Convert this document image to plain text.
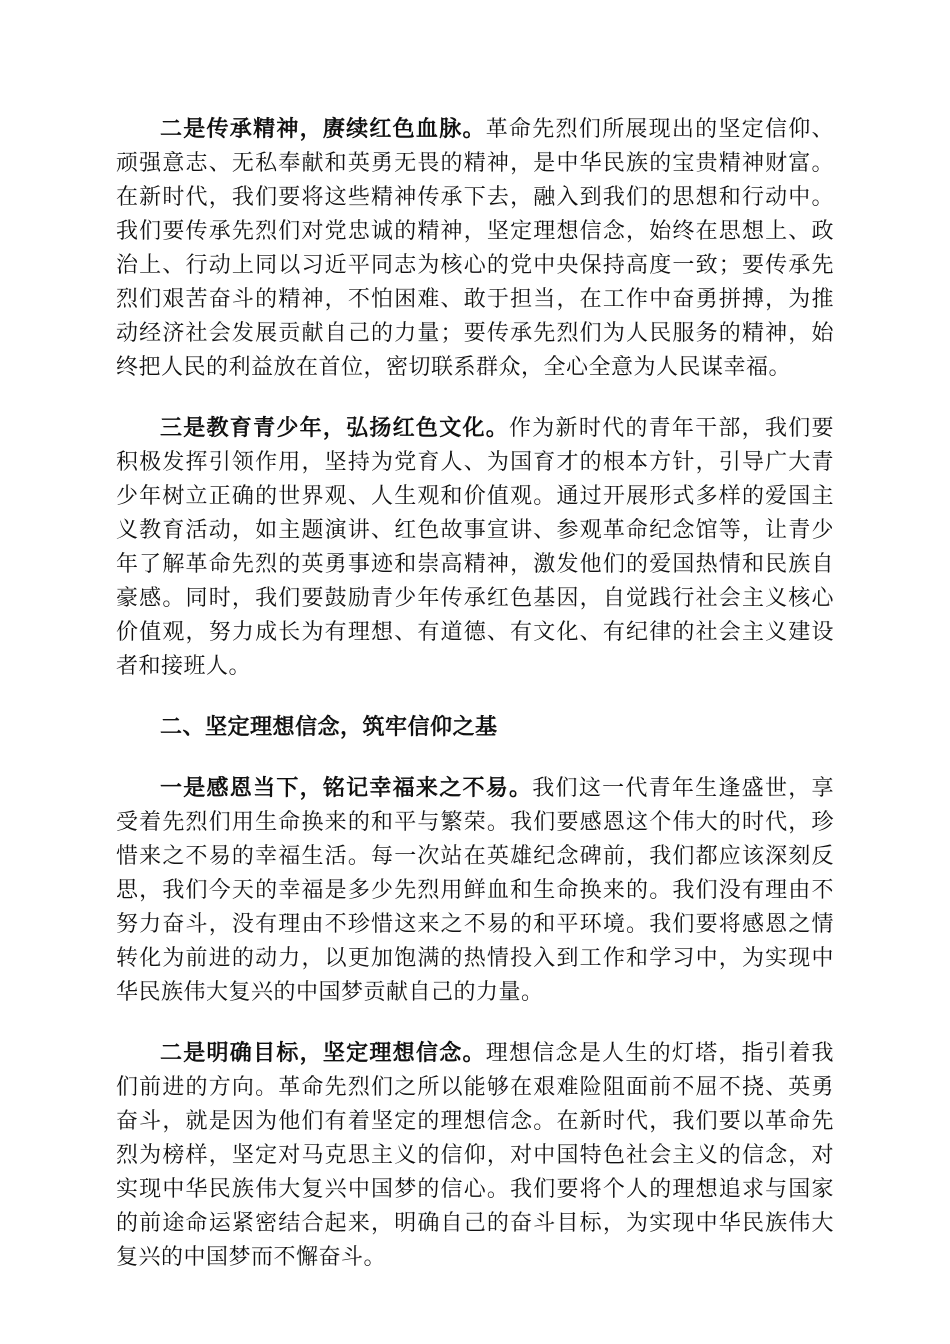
二是传承精神，赓续红色血脉。革命先烈们所展现出的坚定信仰、顽强意志、无私奉献和英勇无畏的精神，是中华民族的宝贵精神财富。在新时代，我们要将这些精神传承下去，融入到我们的思想和行动中。我们要传承先烈们对党忠诚的精神，坚定理想信念，始终在思想上、政治上、行动上同以习近平同志为核心的党中央保持高度一致；要传承先烈们艰苦奋斗的精神，不怕困难、敢于担当，在工作中奋勇拼搏，为推动经济社会发展贡献自己的力量；要传承先烈们为人民服务的精神，始终把人民的利益放在首位，密切联系群众，全心全意为人民谋幸福。

三是教育青少年，弘扬红色文化。作为新时代的青年干部，我们要积极发挥引领作用，坚持为党育人、为国育才的根本方针，引导广大青少年树立正确的世界观、人生观和价值观。通过开展形式多样的爱国主义教育活动，如主题演讲、红色故事宣讲、参观革命纪念馆等，让青少年了解革命先烈的英勇事迹和崇高精神，激发他们的爱国热情和民族自豪感。同时，我们要鼓励青少年传承红色基因，自觉践行社会主义核心价值观，努力成长为有理想、有道德、有文化、有纪律的社会主义建设者和接班人。

二、坚定理想信念，筑牢信仰之基

一是感恩当下，铭记幸福来之不易。我们这一代青年生逢盛世，享受着先烈们用生命换来的和平与繁荣。我们要感恩这个伟大的时代，珍惜来之不易的幸福生活。每一次站在英雄纪念碑前，我们都应该深刻反思，我们今天的幸福是多少先烈用鲜血和生命换来的。我们没有理由不努力奋斗，没有理由不珍惜这来之不易的和平环境。我们要将感恩之情转化为前进的动力，以更加饱满的热情投入到工作和学习中，为实现中华民族伟大复兴的中国梦贡献自己的力量。

二是明确目标，坚定理想信念。理想信念是人生的灯塔，指引着我们前进的方向。革命先烈们之所以能够在艰难险阻面前不屈不挠、英勇奋斗，就是因为他们有着坚定的理想信念。在新时代，我们要以革命先烈为榜样，坚定对马克思主义的信仰，对中国特色社会主义的信念，对实现中华民族伟大复兴中国梦的信心。我们要将个人的理想追求与国家的前途命运紧密结合起来，明确自己的奋斗目标，为实现中华民族伟大复兴的中国梦而不懈奋斗。
